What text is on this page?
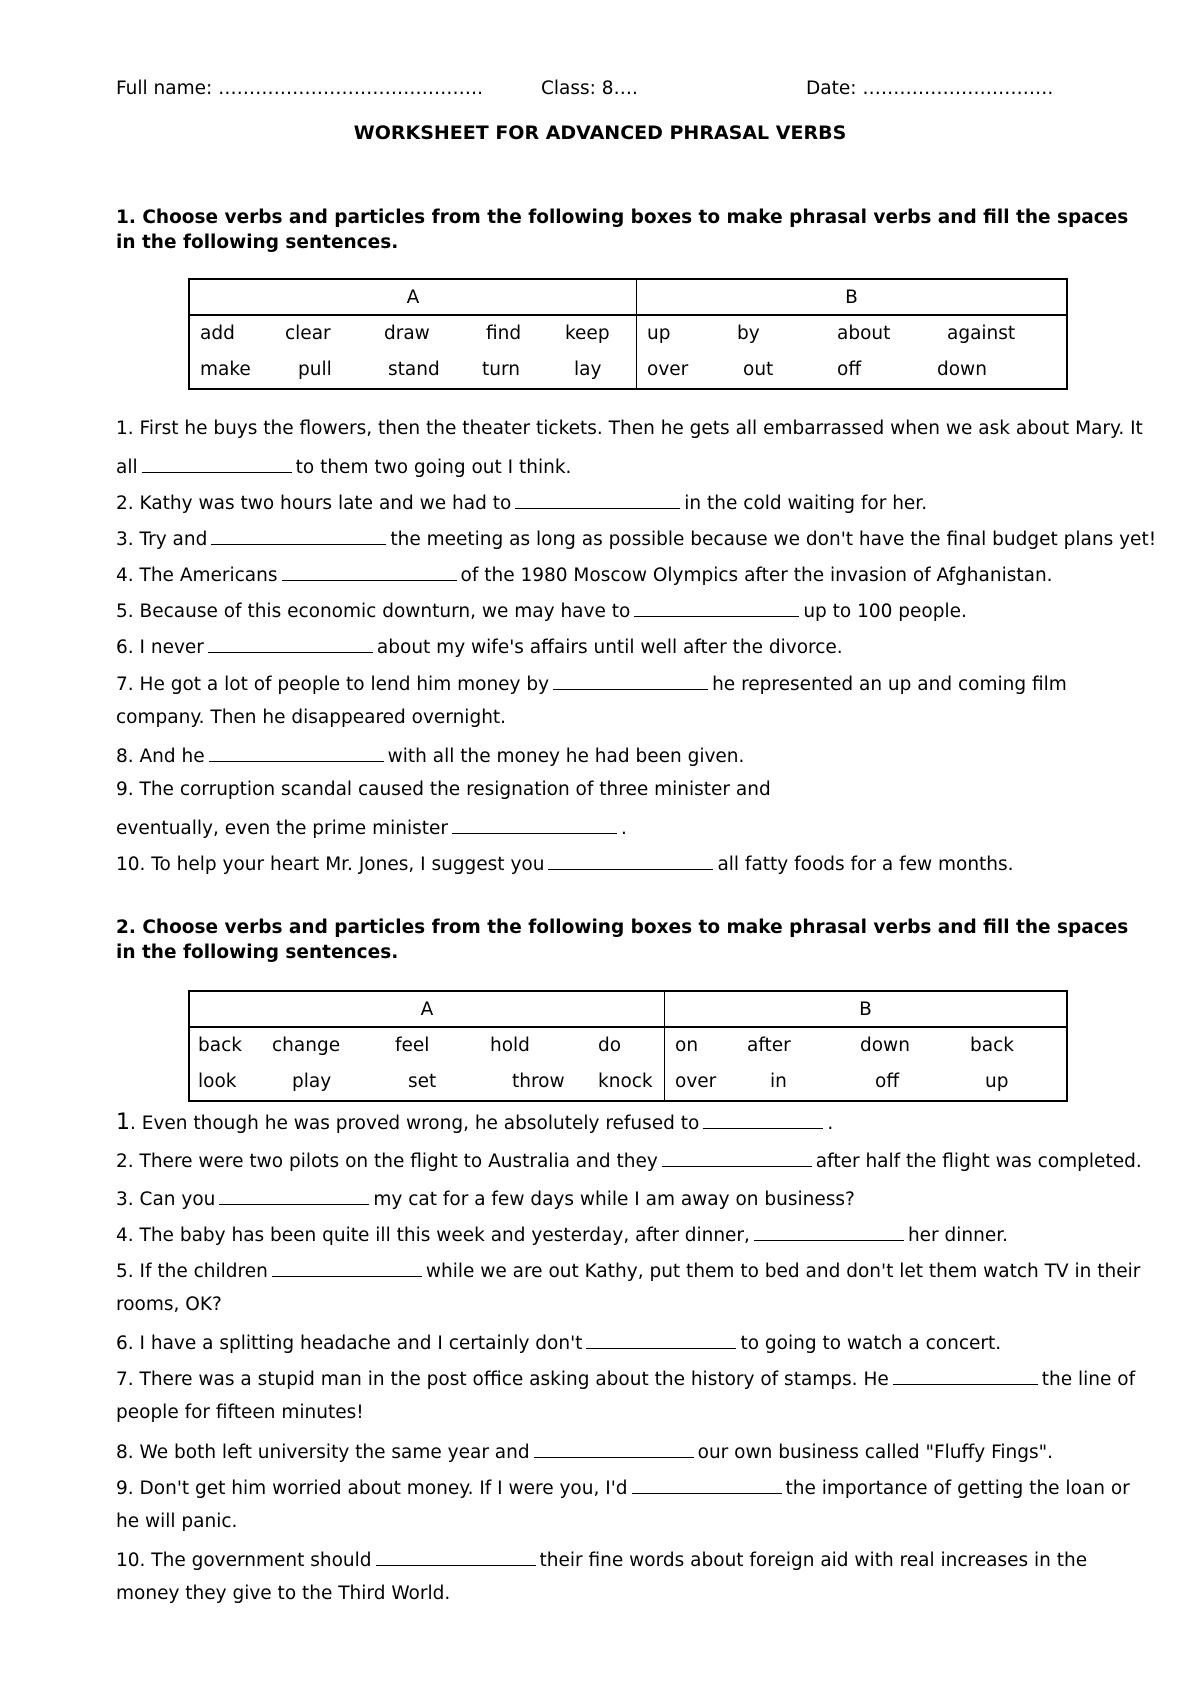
Full name: …………………………………….	Class: 8….	Date: ………………………….
WORKSHEET FOR ADVANCED PHRASAL VERBS
1. Choose verbs and particles from the following boxes to make phrasal verbs and fill the spaces in the following sentences.
A	B

add clear draw find keep	up by about against

make pull stand turn lay	over out off down
1. First he buys the flowers, then the theater tickets. Then he gets all embarrassed when we ask about Mary. It
all	to them two going out I think.
2. Kathy was two hours late and we had to	in the cold waiting for her.
3. Try and	the meeting as long as possible because we don't have the final budget plans yet!
4. The Americans	of the 1980 Moscow Olympics after the invasion of Afghanistan.
5. Because of this economic downturn, we may have to	up to 100 people.
6. I never	about my wife's affairs until well after the divorce.
7. He got a lot of people to lend him money by	he represented an up and coming film
company. Then he disappeared overnight.
8. And he	with all the money he had been given.
9. The corruption scandal caused the resignation of three minister and
eventually, even the prime minister	.
10. To help your heart Mr. Jones, I suggest you	all fatty foods for a few months.
2. Choose verbs and particles from the following boxes to make phrasal verbs and fill the spaces in the following sentences.
A	B

back change feel hold do	on after down back

look play set throw knock	over in off up
1. Even though he was proved wrong, he absolutely refused to	.
2. There were two pilots on the flight to Australia and they	after half the flight was completed.
3. Can you	my cat for a few days while I am away on business?
4. The baby has been quite ill this week and yesterday, after dinner,	her dinner.
5. If the children	while we are out Kathy, put them to bed and don't let them watch TV in their
rooms, OK?
6. I have a splitting headache and I certainly don't	to going to watch a concert.
7. There was a stupid man in the post office asking about the history of stamps. He	the line of
people for fifteen minutes!
8. We both left university the same year and	our own business called "Fluffy Fings".
9. Don't get him worried about money. If I were you, I'd	the importance of getting the loan or
he will panic.
10. The government should	their fine words about foreign aid with real increases in the
money they give to the Third World.
